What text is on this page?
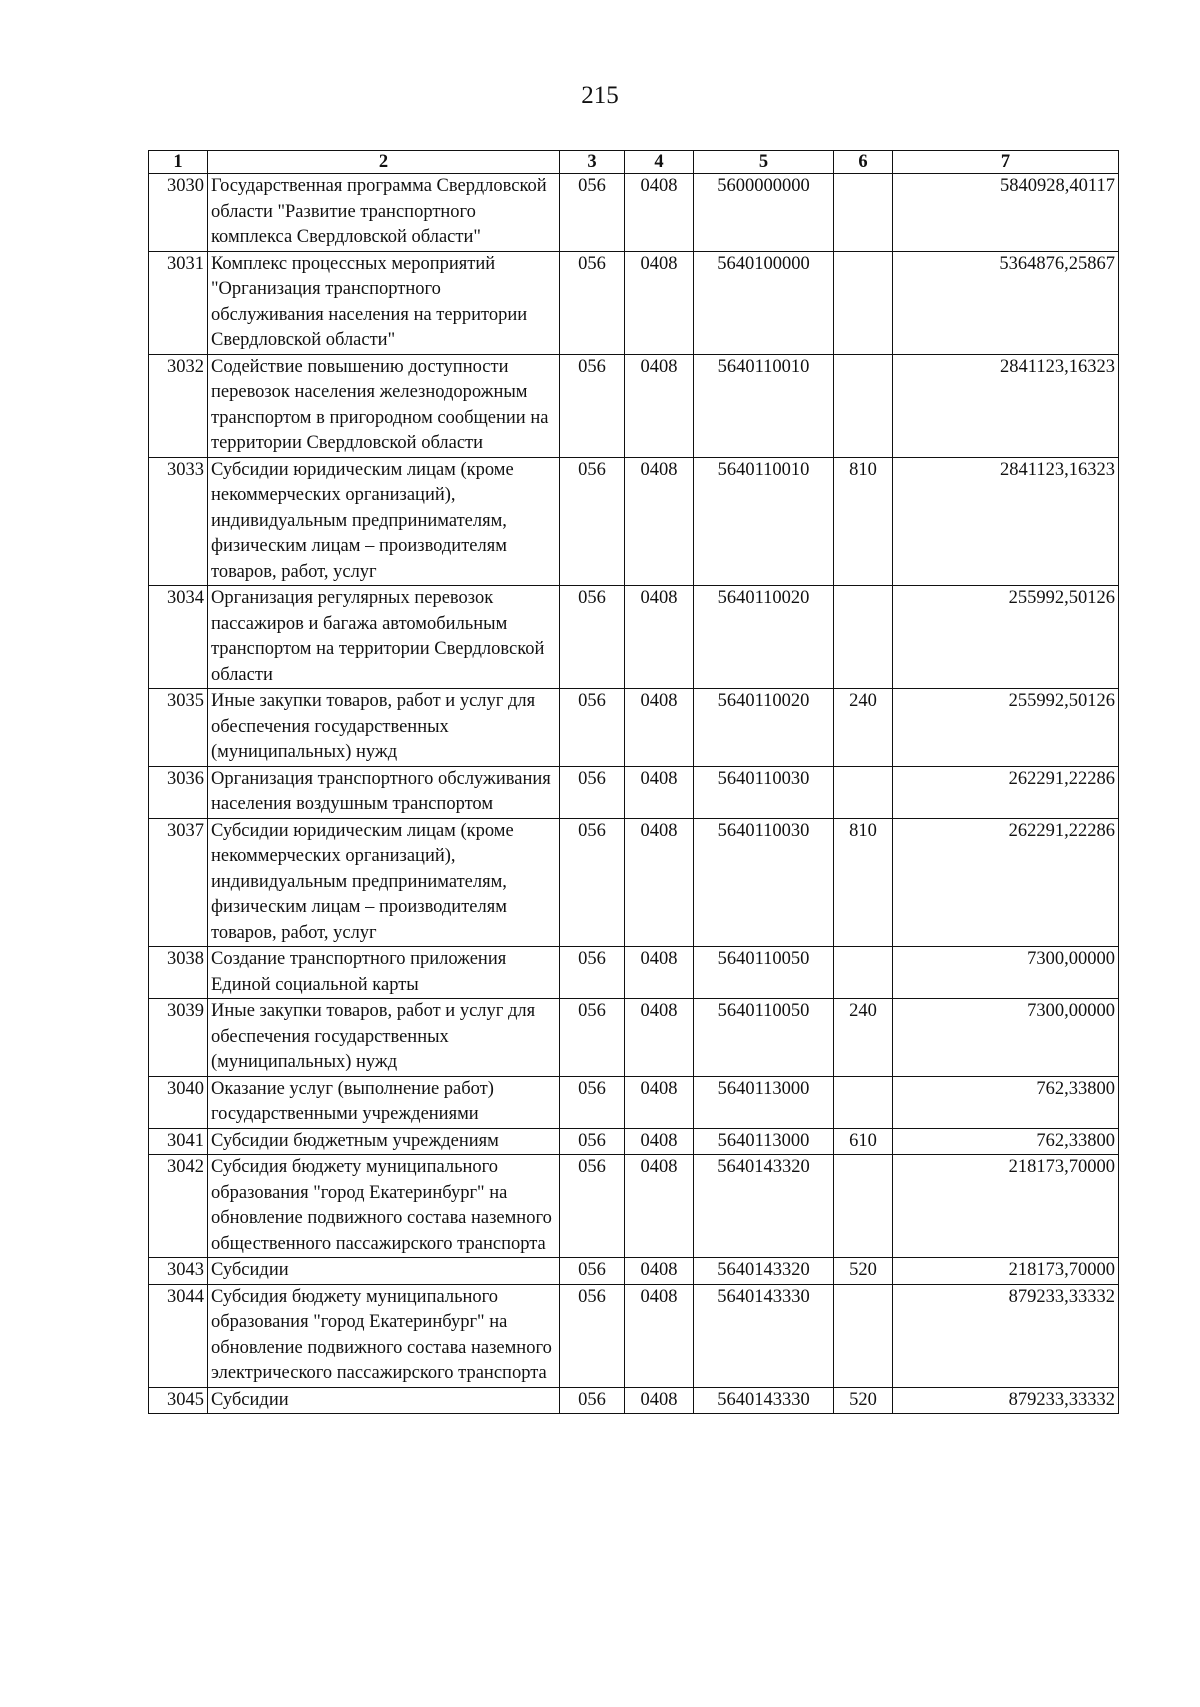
215
1	2	3	4	5	6	7
3030	Государственная программа Свердловской области "Развитие транспортного комплекса Свердловской области"	056	0408	5600000000		5840928,40117
3031	Комплекс процессных мероприятий "Организация транспортного обслуживания населения на территории Свердловской области"	056	0408	5640100000		5364876,25867
3032	Содействие повышению доступности перевозок населения железнодорожным транспортом в пригородном сообщении на территории Свердловской области	056	0408	5640110010		2841123,16323
3033	Субсидии юридическим лицам (кроме некоммерческих организаций), индивидуальным предпринимателям, физическим лицам – производителям товаров, работ, услуг	056	0408	5640110010	810	2841123,16323
3034	Организация регулярных перевозок пассажиров и багажа автомобильным транспортом на территории Свердловской области	056	0408	5640110020		255992,50126
3035	Иные закупки товаров, работ и услуг для обеспечения государственных (муниципальных) нужд	056	0408	5640110020	240	255992,50126
3036	Организация транспортного обслуживания населения воздушным транспортом	056	0408	5640110030		262291,22286
3037	Субсидии юридическим лицам (кроме некоммерческих организаций), индивидуальным предпринимателям, физическим лицам – производителям товаров, работ, услуг	056	0408	5640110030	810	262291,22286
3038	Создание транспортного приложения Единой социальной карты	056	0408	5640110050		7300,00000
3039	Иные закупки товаров, работ и услуг для обеспечения государственных (муниципальных) нужд	056	0408	5640110050	240	7300,00000
3040	Оказание услуг (выполнение работ) государственными учреждениями	056	0408	5640113000		762,33800
3041	Субсидии бюджетным учреждениям	056	0408	5640113000	610	762,33800
3042	Субсидия бюджету муниципального образования "город Екатеринбург" на обновление подвижного состава наземного общественного пассажирского транспорта	056	0408	5640143320		218173,70000
3043	Субсидии	056	0408	5640143320	520	218173,70000
3044	Субсидия бюджету муниципального образования "город Екатеринбург" на обновление подвижного состава наземного электрического пассажирского транспорта	056	0408	5640143330		879233,33332
3045	Субсидии	056	0408	5640143330	520	879233,33332
